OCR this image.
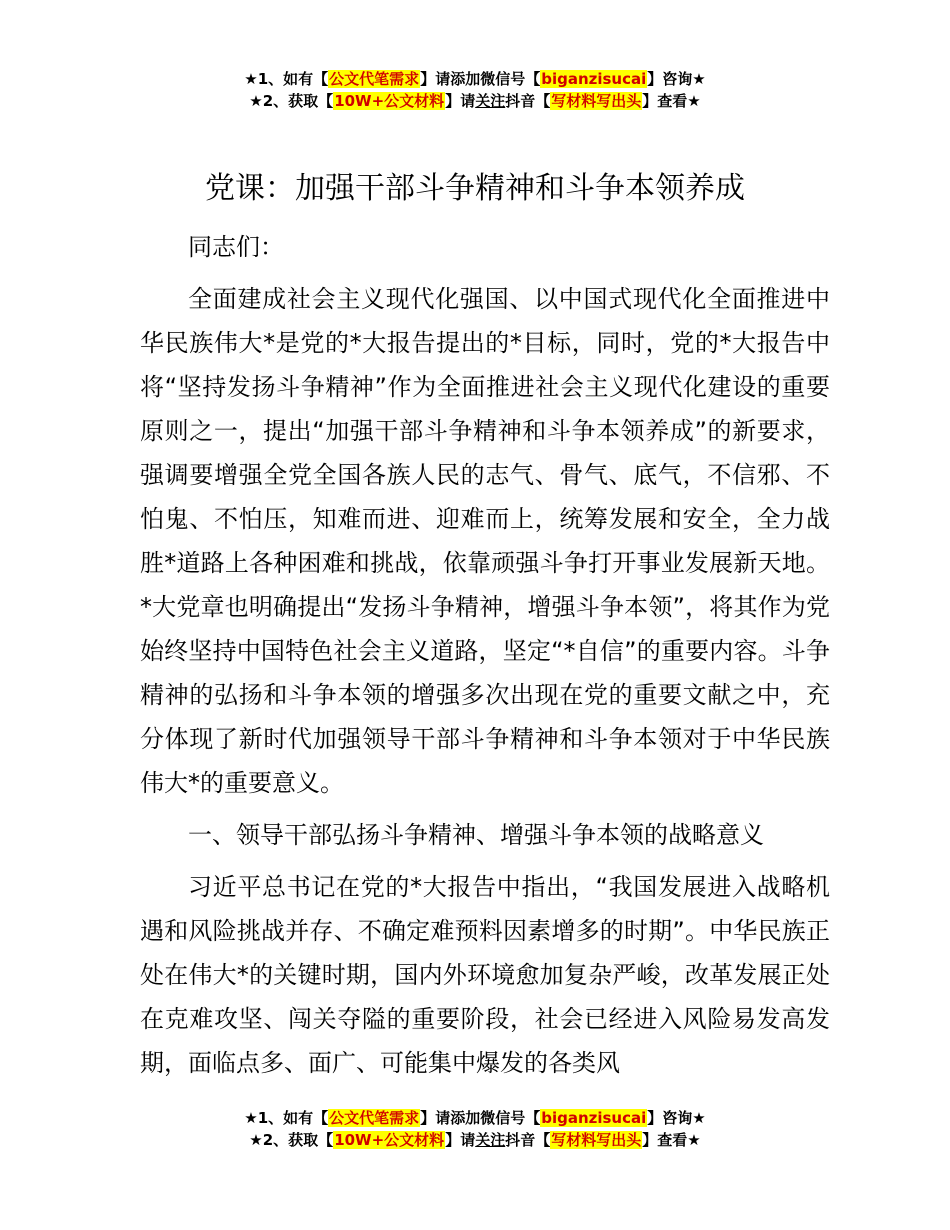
★1、如有【公文代笔需求】请添加微信号【biganzisucai】咨询★
★2、获取【10W+公文材料】请关注抖音【写材料写出头】查看★
党课：加强干部斗争精神和斗争本领养成

同志们：

全面建成社会主义现代化强国、以中国式现代化全面推进中华民族伟大*是党的*大报告提出的*目标，同时，党的*大报告中将“坚持发扬斗争精神”作为全面推进社会主义现代化建设的重要原则之一，提出“加强干部斗争精神和斗争本领养成”的新要求，强调要增强全党全国各族人民的志气、骨气、底气，不信邪、不怕鬼、不怕压，知难而进、迎难而上，统筹发展和安全，全力战胜*道路上各种困难和挑战，依靠顽强斗争打开事业发展新天地。*大党章也明确提出“发扬斗争精神，增强斗争本领”，将其作为党始终坚持中国特色社会主义道路，坚定“*自信”的重要内容。斗争精神的弘扬和斗争本领的增强多次出现在党的重要文献之中，充分体现了新时代加强领导干部斗争精神和斗争本领对于中华民族伟大*的重要意义。

一、领导干部弘扬斗争精神、增强斗争本领的战略意义

习近平总书记在党的*大报告中指出，“我国发展进入战略机遇和风险挑战并存、不确定难预料因素增多的时期”。中华民族正处在伟大*的关键时期，国内外环境愈加复杂严峻，改革发展正处在克难攻坚、闯关夺隘的重要阶段，社会已经进入风险易发高发期，面临点多、面广、可能集中爆发的各类风

★1、如有【公文代笔需求】请添加微信号【biganzisucai】咨询★
★2、获取【10W+公文材料】请关注抖音【写材料写出头】查看★
